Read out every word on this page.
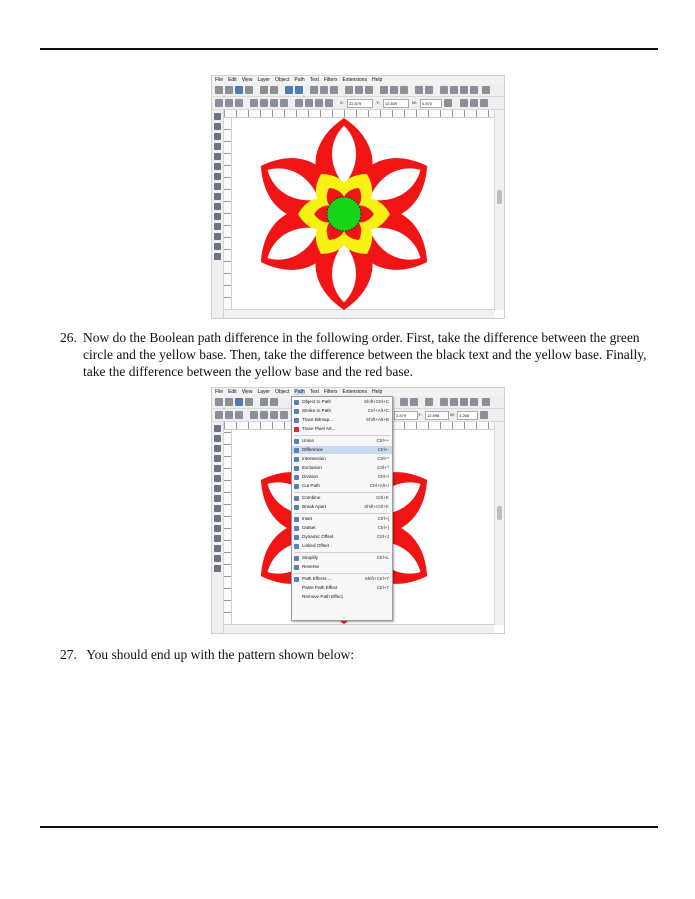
File Edit View Layer Object Path Text Filters Extensions Help
X:	22.879	Y:	12.839	W:	0.870
26. Now do the Boolean path difference in the following order. First, take the difference between the green
circle and the yellow base. Then, take the difference between the black text and the yellow base. Finally,
take the difference between the yellow base and the red base.
File Edit View Layer Object Path Text Filters Extensions Help
2.879	Y:	12.998	W:	3.266
Object to Path	Shift+Ctrl+C
Stroke to Path	Ctrl+Alt+C
Trace Bitmap...	Shift+Alt+B
Trace Pixel Art...
Union	Ctrl++
Difference	Ctrl+-
Intersection	Ctrl+*
Exclusion	Ctrl+^
Division	Ctrl+/
Cut Path	Ctrl+Alt+/
Combine	Ctrl+K
Break Apart	Shift+Ctrl+K
Inset	Ctrl+(
Outset	Ctrl+)
Dynamic Offset	Ctrl+J
Linked Offset
Simplify	Ctrl+L
Reverse
Path Effects ...	Shift+Ctrl+7
Paste Path Effect	Ctrl+7
Remove Path Effect
27. You should end up with the pattern shown below:
